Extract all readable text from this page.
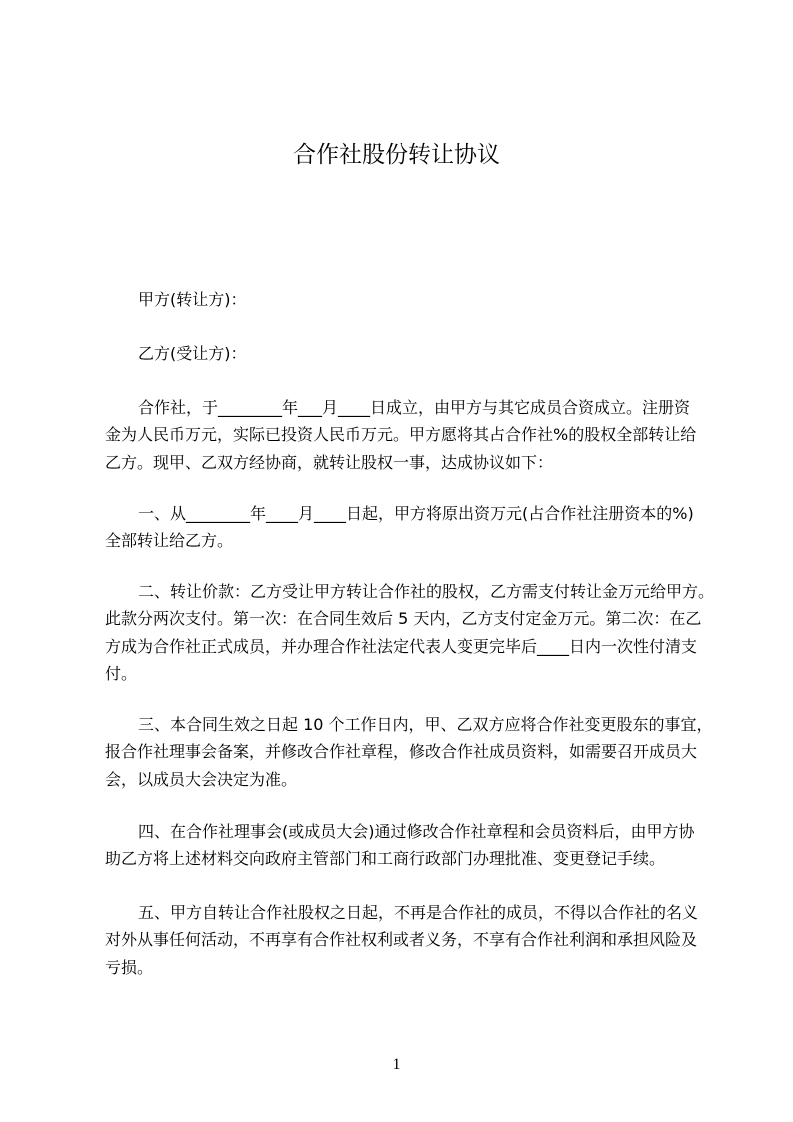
合作社股份转让协议
甲方(转让方)：
乙方(受让方)：
合作社，于________年___月____日成立，由甲方与其它成员合资成立。注册资
金为人民币万元，实际已投资人民币万元。甲方愿将其占合作社%的股权全部转让给
乙方。现甲、乙双方经协商，就转让股权一事，达成协议如下：
一、从________年____月____日起，甲方将原出资万元(占合作社注册资本的%)
全部转让给乙方。
二、转让价款：乙方受让甲方转让合作社的股权，乙方需支付转让金万元给甲方。
此款分两次支付。第一次：在合同生效后 5 天内，乙方支付定金万元。第二次：在乙
方成为合作社正式成员，并办理合作社法定代表人变更完毕后____日内一次性付清支
付。
三、本合同生效之日起 10 个工作日内，甲、乙双方应将合作社变更股东的事宜，
报合作社理事会备案，并修改合作社章程，修改合作社成员资料，如需要召开成员大
会，以成员大会决定为准。
四、在合作社理事会(或成员大会)通过修改合作社章程和会员资料后，由甲方协
助乙方将上述材料交向政府主管部门和工商行政部门办理批准、变更登记手续。
五、甲方自转让合作社股权之日起，不再是合作社的成员，不得以合作社的名义
对外从事任何活动，不再享有合作社权利或者义务，不享有合作社利润和承担风险及
亏损。
1
